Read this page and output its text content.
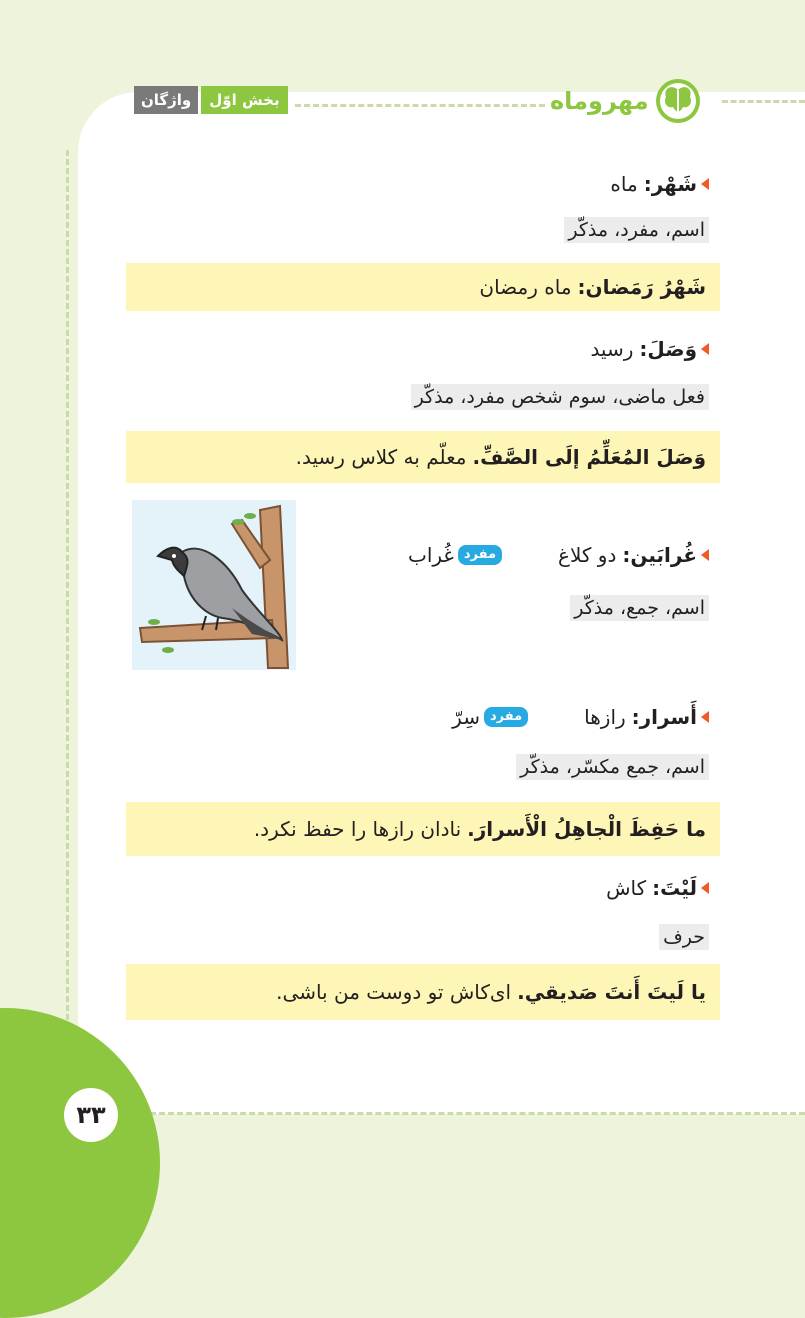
واژگان	بخش اوّل	مهروماه
شَهْر
:
ماه
اسم، مفرد، مذکّر
شَهْرُ رَمَضان:
ماه رمضان
وَصَلَ
:
رسید
فعل ماضی، سوم شخص مفرد، مذکّر
وَصَلَ المُعَلِّمُ إلَی الصَّفِّ.
معلّم به کلاس رسید.
غُرابَين
:
دو کلاغ
مفرد
غُراب
اسم، جمع، مذکّر
أَسرار
:
رازها
مفرد
سِرّ
اسم، جمع مکسّر، مذکّر
ما حَفِظَ الْجاهِلُ الْأَسرارَ.
نادان رازها را حفظ نکرد.
لَيْتَ
:
کاش
حرف
يا لَيتَ أَنتَ صَديقي.
ای‌کاش تو دوست من باشی.
۳۳
